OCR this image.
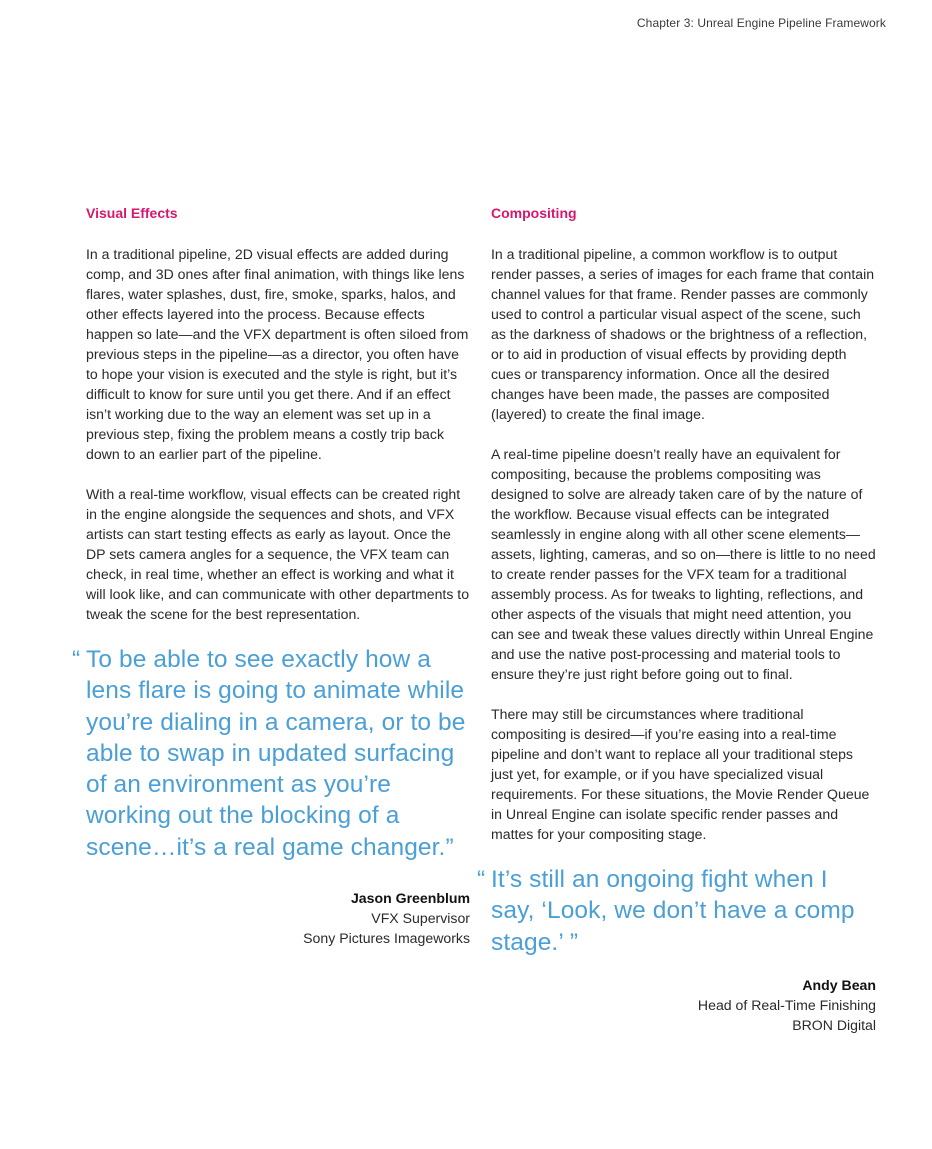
Chapter 3: Unreal Engine Pipeline Framework
Visual Effects

In a traditional pipeline, 2D visual effects are added during comp, and 3D ones after final animation, with things like lens flares, water splashes, dust, fire, smoke, sparks, halos, and other effects layered into the process. Because effects happen so late—and the VFX department is often siloed from previous steps in the pipeline—as a director, you often have to hope your vision is executed and the style is right, but it’s difficult to know for sure until you get there. And if an effect isn’t working due to the way an element was set up in a previous step, fixing the problem means a costly trip back down to an earlier part of the pipeline.

With a real-time workflow, visual effects can be created right in the engine alongside the sequences and shots, and VFX artists can start testing effects as early as layout. Once the DP sets camera angles for a sequence, the VFX team can check, in real time, whether an effect is working and what it will look like, and can communicate with other departments to tweak the scene for the best representation.

“ To be able to see exactly how a lens flare is going to animate while you’re dialing in a camera, or to be able to swap in updated surfacing of an environment as you’re working out the blocking of a scene…it’s a real game changer.”
Jason Greenblum
VFX Supervisor
Sony Pictures Imageworks
Compositing

In a traditional pipeline, a common workflow is to output render passes, a series of images for each frame that contain channel values for that frame. Render passes are commonly used to control a particular visual aspect of the scene, such as the darkness of shadows or the brightness of a reflection, or to aid in production of visual effects by providing depth cues or transparency information. Once all the desired changes have been made, the passes are composited (layered) to create the final image.

A real-time pipeline doesn’t really have an equivalent for compositing, because the problems compositing was designed to solve are already taken care of by the nature of the workflow. Because visual effects can be integrated seamlessly in engine along with all other scene elements—assets, lighting, cameras, and so on—there is little to no need to create render passes for the VFX team for a traditional assembly process. As for tweaks to lighting, reflections, and other aspects of the visuals that might need attention, you can see and tweak these values directly within Unreal Engine and use the native post-processing and material tools to ensure they’re just right before going out to final.

There may still be circumstances where traditional compositing is desired—if you’re easing into a real-time pipeline and don’t want to replace all your traditional steps just yet, for example, or if you have specialized visual requirements. For these situations, the Movie Render Queue in Unreal Engine can isolate specific render passes and mattes for your compositing stage.

“ It’s still an ongoing fight when I say, ‘Look, we don’t have a comp stage.’ ”
Andy Bean
Head of Real-Time Finishing
BRON Digital
